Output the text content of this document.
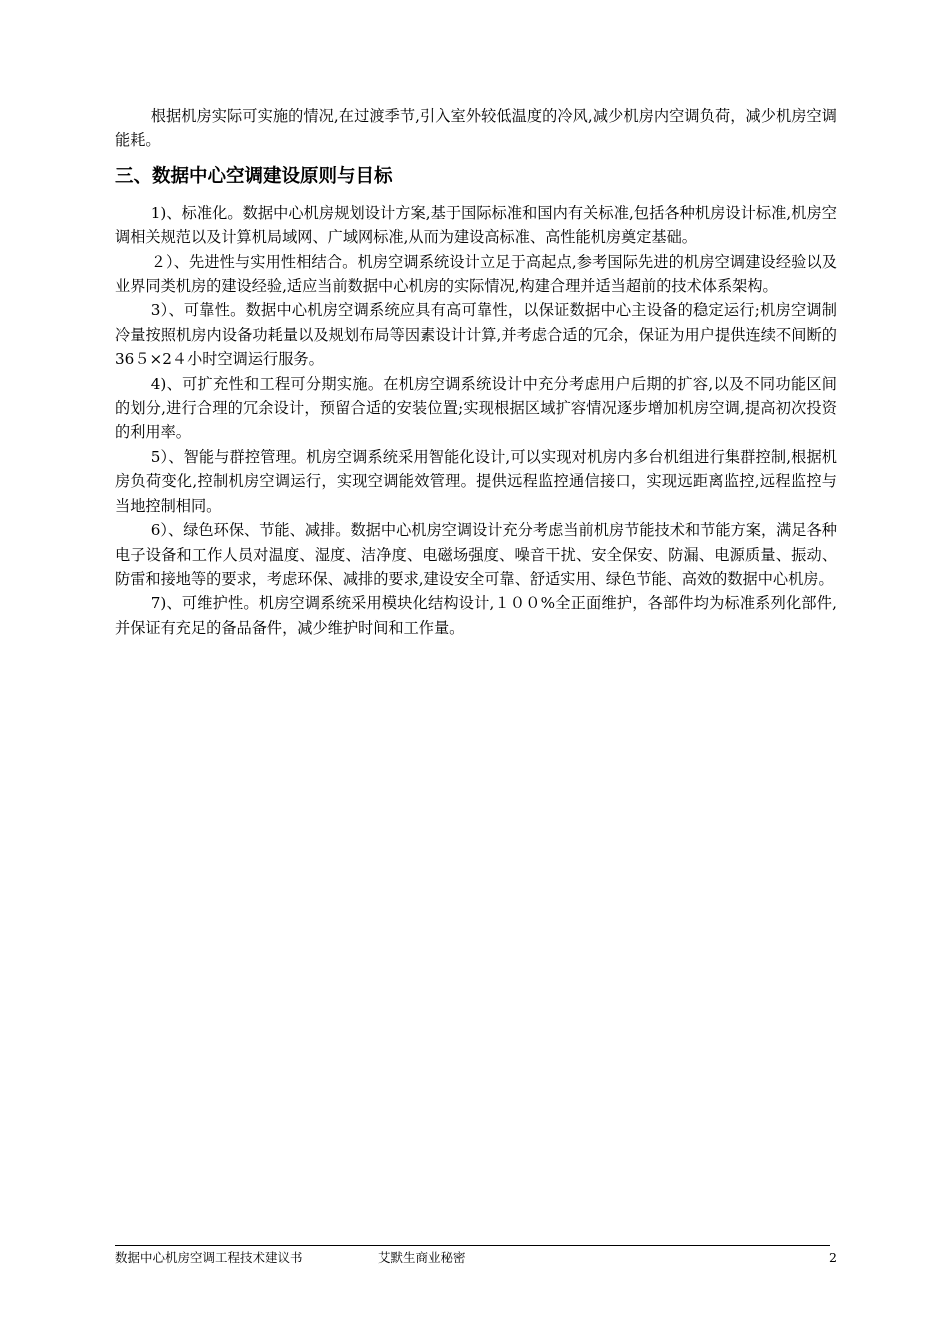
根据机房实际可实施的情况,在过渡季节,引入室外较低温度的冷风,减少机房内空调负荷，减少机房空调能耗。

三、数据中心空调建设原则与目标

1)、标准化。数据中心机房规划设计方案,基于国际标准和国内有关标准,包括各种机房设计标准,机房空调相关规范以及计算机局域网、广域网标准,从而为建设高标准、高性能机房奠定基础。

２）、先进性与实用性相结合。机房空调系统设计立足于高起点,参考国际先进的机房空调建设经验以及业界同类机房的建设经验,适应当前数据中心机房的实际情况,构建合理并适当超前的技术体系架构。

3）、可靠性。数据中心机房空调系统应具有高可靠性，以保证数据中心主设备的稳定运行;机房空调制冷量按照机房内设备功耗量以及规划布局等因素设计计算,并考虑合适的冗余，保证为用户提供连续不间断的36５×2４小时空调运行服务。

4)、可扩充性和工程可分期实施。在机房空调系统设计中充分考虑用户后期的扩容,以及不同功能区间的划分,进行合理的冗余设计，预留合适的安装位置;实现根据区域扩容情况逐步增加机房空调,提高初次投资的利用率。

5）、智能与群控管理。机房空调系统采用智能化设计,可以实现对机房内多台机组进行集群控制,根据机房负荷变化,控制机房空调运行，实现空调能效管理。提供远程监控通信接口，实现远距离监控,远程监控与当地控制相同。

6）、绿色环保、节能、减排。数据中心机房空调设计充分考虑当前机房节能技术和节能方案，满足各种电子设备和工作人员对温度、湿度、洁净度、电磁场强度、噪音干扰、安全保安、防漏、电源质量、振动、防雷和接地等的要求，考虑环保、减排的要求,建设安全可靠、舒适实用、绿色节能、高效的数据中心机房。

7)、可维护性。机房空调系统采用模块化结构设计,１００%全正面维护，各部件均为标准系列化部件,并保证有充足的备品备件，减少维护时间和工作量。

数据中心机房空调工程技术建议书	艾默生商业秘密	2
